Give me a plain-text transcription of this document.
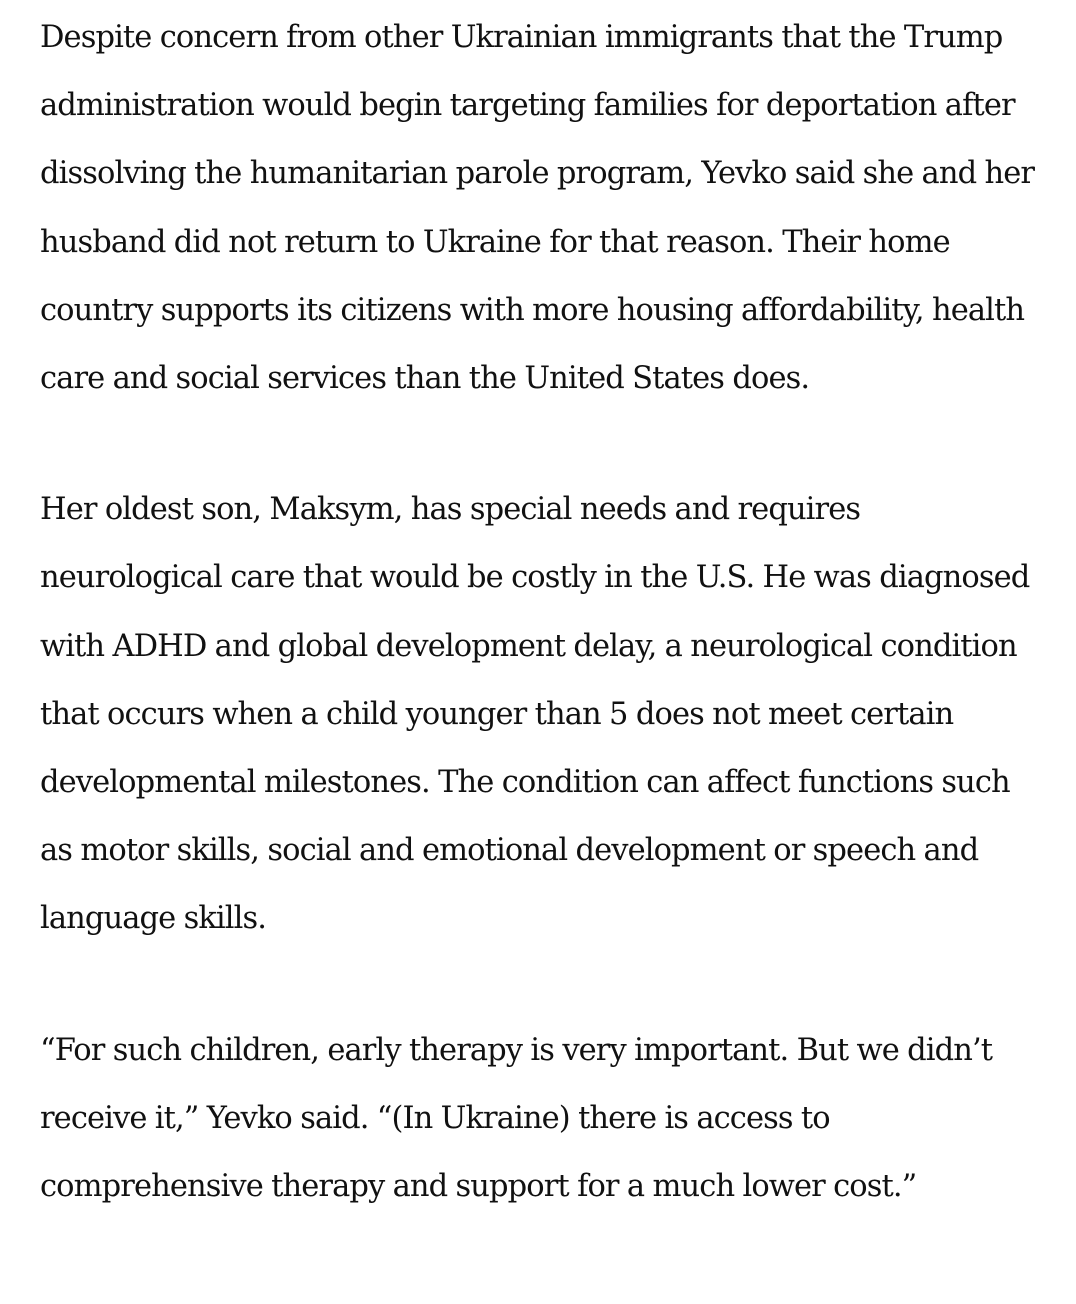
Despite concern from other Ukrainian immigrants that the Trump administration would begin targeting families for deportation after dissolving the humanitarian parole program, Yevko said she and her husband did not return to Ukraine for that reason. Their home country supports its citizens with more housing affordability, health care and social services than the United States does.

Her oldest son, Maksym, has special needs and requires neurological care that would be costly in the U.S. He was diagnosed with ADHD and global development delay, a neurological condition that occurs when a child younger than 5 does not meet certain developmental milestones. The condition can affect functions such as motor skills, social and emotional development or speech and language skills.

“For such children, early therapy is very important. But we didn’t receive it,” Yevko said. “(In Ukraine) there is access to comprehensive therapy and support for a much lower cost.”
